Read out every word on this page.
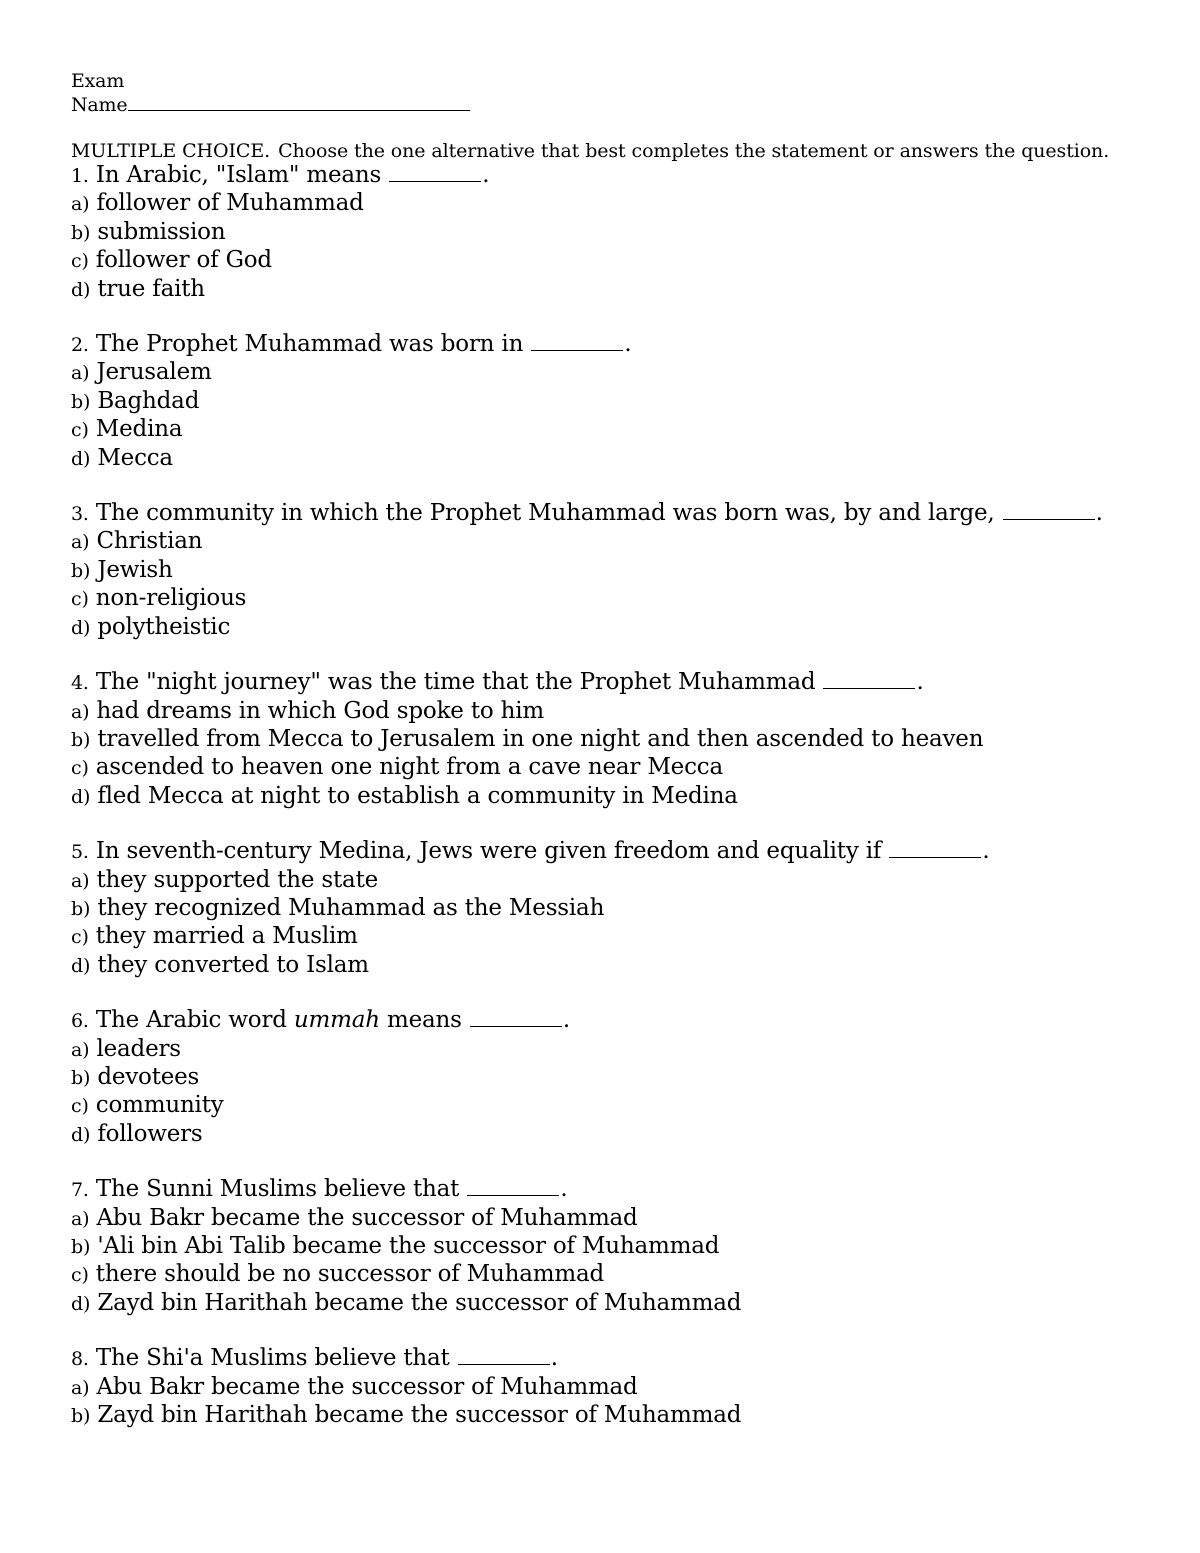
Exam
Name
MULTIPLE CHOICE. Choose the one alternative that best completes the statement or answers the question.
1. In Arabic, "Islam" means	.
a) follower of Muhammad
b) submission
c) follower of God
d) true faith
2. The Prophet Muhammad was born in	.
a) Jerusalem
b) Baghdad
c) Medina
d) Mecca
3. The community in which the Prophet Muhammad was born was, by and large,	.
a) Christian
b) Jewish
c) non-religious
d) polytheistic
4. The "night journey" was the time that the Prophet Muhammad	.
a) had dreams in which God spoke to him
b) travelled from Mecca to Jerusalem in one night and then ascended to heaven
c) ascended to heaven one night from a cave near Mecca
d) fled Mecca at night to establish a community in Medina
5. In seventh-century Medina, Jews were given freedom and equality if	.
a) they supported the state
b) they recognized Muhammad as the Messiah
c) they married a Muslim
d) they converted to Islam
6. The Arabic word ummah means	.
a) leaders
b) devotees
c) community
d) followers
7. The Sunni Muslims believe that	.
a) Abu Bakr became the successor of Muhammad
b) 'Ali bin Abi Talib became the successor of Muhammad
c) there should be no successor of Muhammad
d) Zayd bin Harithah became the successor of Muhammad
8. The Shi'a Muslims believe that	.
a) Abu Bakr became the successor of Muhammad
b) Zayd bin Harithah became the successor of Muhammad
